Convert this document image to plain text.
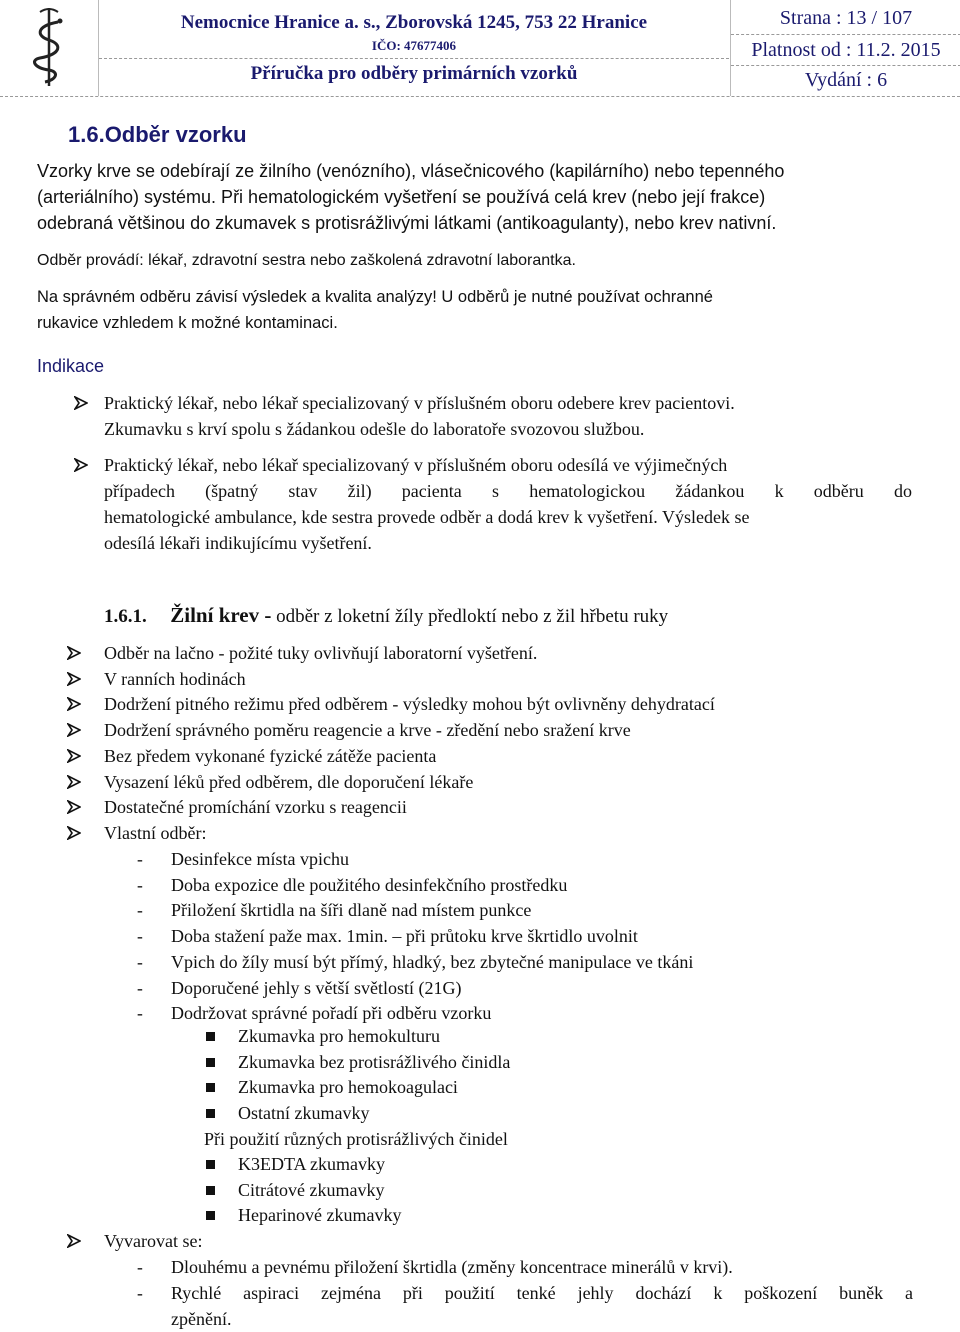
Nemocnice Hranice a. s., Zborovská 1245, 753 22 Hranice
IČO: 47677406
Příručka pro odběry primárních vzorků
Strana : 13 / 107
Platnost od : 11.2. 2015
Vydání : 6
1.6.Odběr vzorku
Vzorky krve se odebírají ze žilního (venózního), vlásečnicového (kapilárního) nebo tepenného
(arteriálního) systému. Při hematologickém vyšetření se používá celá krev (nebo její frakce)
odebraná většinou do zkumavek s protisrážlivými látkami (antikoagulanty), nebo krev nativní.
Odběr provádí: lékař, zdravotní sestra nebo zaškolená zdravotní laborantka.
Na správném odběru závisí výsledek a kvalita analýzy! U odběrů je nutné používat ochranné
rukavice vzhledem k možné kontaminaci.
Indikace
Praktický lékař, nebo lékař specializovaný v příslušném oboru odebere krev pacientovi.
Zkumavku s krví spolu s žádankou odešle do laboratoře svozovou službou.
Praktický lékař, nebo lékař specializovaný v příslušném oboru odesílá ve výjimečných
případech (špatný stav žil) pacienta s hematologickou žádankou k odběru do
hematologické ambulance, kde sestra provede odběr a dodá krev k vyšetření. Výsledek se
odesílá lékaři indikujícímu vyšetření.
1.6.1. Žilní krev - odběr z loketní žíly předloktí nebo z žil hřbetu ruky
Odběr na lačno - požité tuky ovlivňují laboratorní vyšetření.
V ranních hodinách
Dodržení pitného režimu před odběrem - výsledky mohou být ovlivněny dehydratací
Dodržení správného poměru reagencie a krve - zředění nebo sražení krve
Bez předem vykonané fyzické zátěže pacienta
Vysazení léků před odběrem, dle doporučení lékaře
Dostatečné promíchání vzorku s reagencii
Vlastní odběr:
- Desinfekce místa vpichu
- Doba expozice dle použitého desinfekčního prostředku
- Přiložení škrtidla na šíři dlaně nad místem punkce
- Doba stažení paže max. 1min. – při průtoku krve škrtidlo uvolnit
- Vpich do žíly musí být přímý, hladký, bez zbytečné manipulace ve tkáni
- Doporučené jehly s větší světlostí (21G)
- Dodržovat správné pořadí při odběru vzorku
Zkumavka pro hemokulturu
Zkumavka bez protisrážlivého činidla
Zkumavka pro hemokoagulaci
Ostatní zkumavky
Při použití různých protisrážlivých činidel
K3EDTA zkumavky
Citrátové zkumavky
Heparinové zkumavky
Vyvarovat se:
- Dlouhému a pevnému přiložení škrtidla (změny koncentrace minerálů v krvi).
- Rychlé aspiraci zejména při použití tenké jehly dochází k poškození buněk a
zpěnění.
